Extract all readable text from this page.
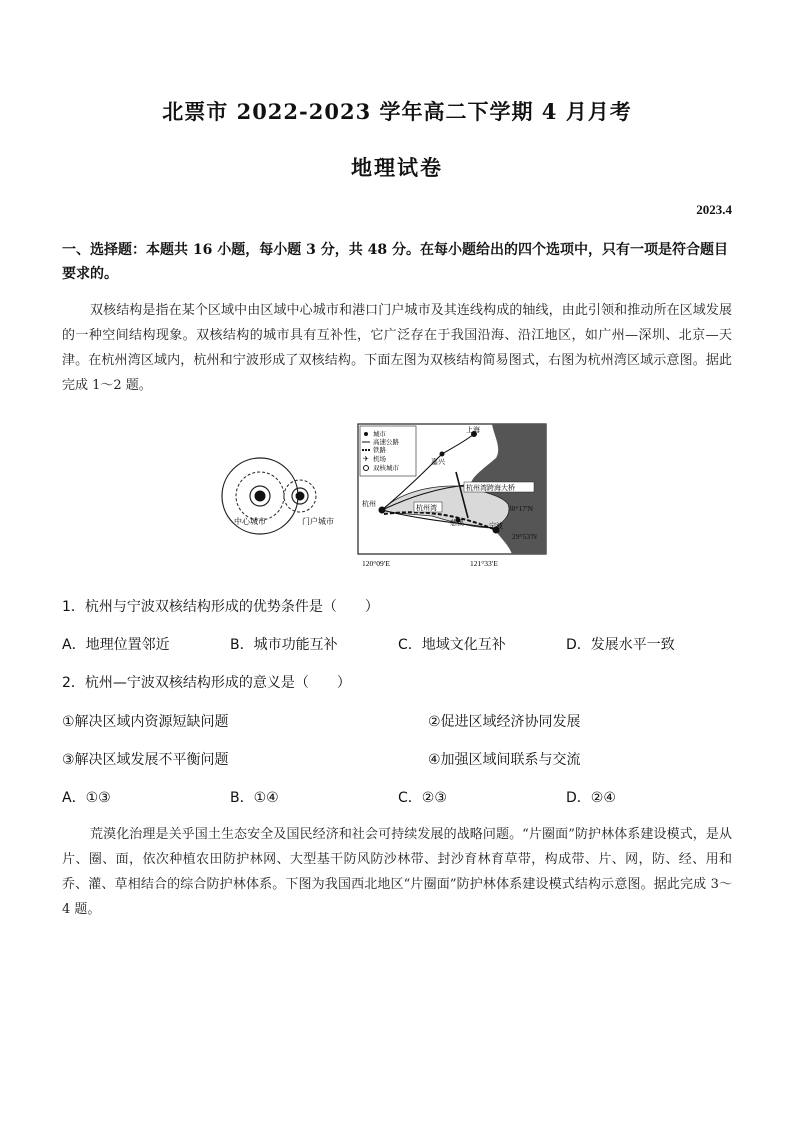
北票市 2022-2023 学年高二下学期 4 月月考
地理试卷
2023.4
一、选择题：本题共 16 小题，每小题 3 分，共 48 分。在每小题给出的四个选项中，只有一项是符合题目要求的。
双核结构是指在某个区域中由区域中心城市和港口门户城市及其连线构成的轴线，由此引领和推动所在区域发展的一种空间结构现象。双核结构的城市具有互补性，它广泛存在于我国沿海、沿江地区，如广州—深圳、北京—天津。在杭州湾区域内，杭州和宁波形成了双核结构。下面左图为双核结构简易图式，右图为杭州湾区域示意图。据此完成 1～2 题。
中心城市	门户城市
✈
城市
高速公路
铁路
机场
双核城市
上海
嘉兴
杭州	杭州湾
杭州湾跨海大桥
慈溪	宁波
30°17′N
29°53′N
120°09′E	121°33′E
1．杭州与宁波双核结构形成的优势条件是（　　）
A．地理位置邻近	B．城市功能互补	C．地域文化互补	D．发展水平一致
2．杭州—宁波双核结构形成的意义是（　　）
①解决区域内资源短缺问题	②促进区域经济协同发展
③解决区域发展不平衡问题	④加强区域间联系与交流
A．①③	B．①④	C．②③	D．②④
荒漠化治理是关乎国土生态安全及国民经济和社会可持续发展的战略问题。“片圈面”防护林体系建设模式，是从片、圈、面，依次种植农田防护林网、大型基干防风防沙林带、封沙育林育草带，构成带、片、网，防、经、用和乔、灌、草相结合的综合防护林体系。下图为我国西北地区“片圈面”防护林体系建设模式结构示意图。据此完成 3～4 题。
